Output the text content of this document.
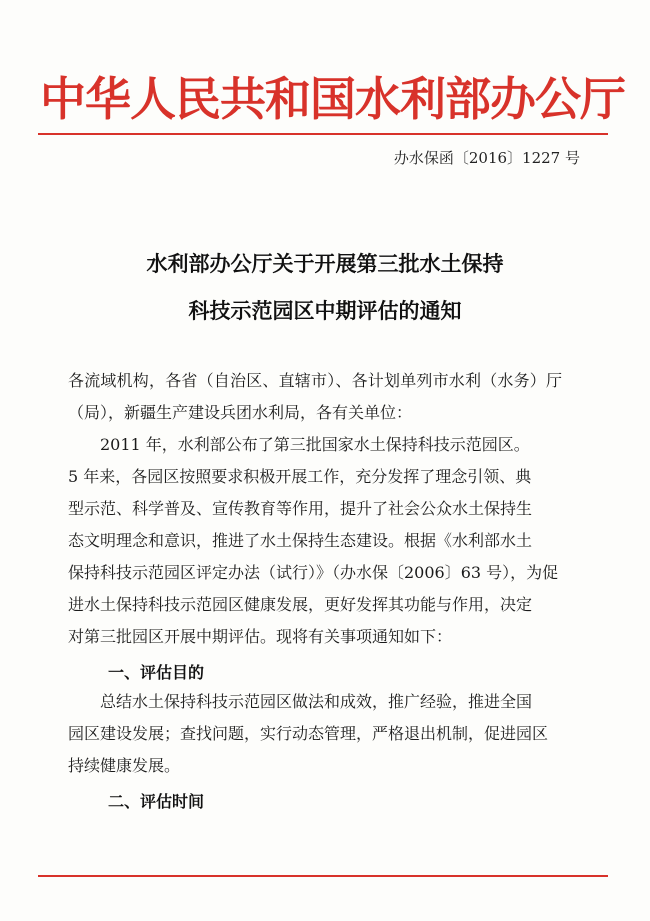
中华人民共和国水利部办公厅
办水保函〔2016〕1227 号
水利部办公厅关于开展第三批水土保持
科技示范园区中期评估的通知
各流域机构，各省（自治区、直辖市）、各计划单列市水利（水务）厅
（局），新疆生产建设兵团水利局，各有关单位：
2011 年，水利部公布了第三批国家水土保持科技示范园区。
5 年来，各园区按照要求积极开展工作，充分发挥了理念引领、典
型示范、科学普及、宣传教育等作用，提升了社会公众水土保持生
态文明理念和意识，推进了水土保持生态建设。根据《水利部水土
保持科技示范园区评定办法（试行）》（办水保〔2006〕63 号），为促
进水土保持科技示范园区健康发展，更好发挥其功能与作用，决定
对第三批园区开展中期评估。现将有关事项通知如下：
一、评估目的
总结水土保持科技示范园区做法和成效，推广经验，推进全国
园区建设发展；查找问题，实行动态管理，严格退出机制，促进园区
持续健康发展。
二、评估时间
